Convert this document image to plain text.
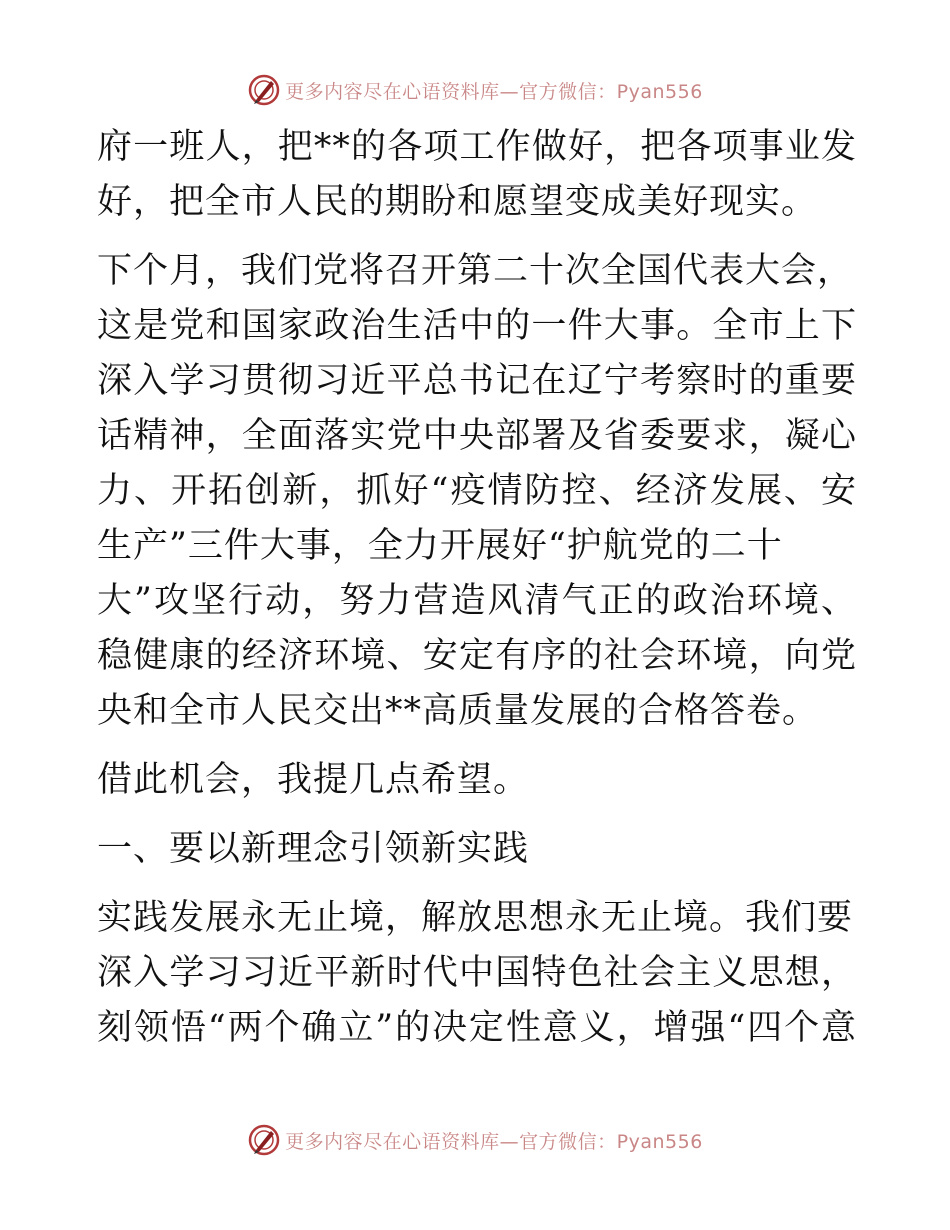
更多内容尽在心语资料库—官方微信：Pyan556
府一班人，把**的各项工作做好，把各项事业发
好，把全市人民的期盼和愿望变成美好现实。
下个月，我们党将召开第二十次全国代表大会，
这是党和国家政治生活中的一件大事。全市上下
深入学习贯彻习近平总书记在辽宁考察时的重要
话精神，全面落实党中央部署及省委要求，凝心
力、开拓创新，抓好“疫情防控、经济发展、安
生产”三件大事，全力开展好“护航党的二十
大”攻坚行动，努力营造风清气正的政治环境、
稳健康的经济环境、安定有序的社会环境，向党
央和全市人民交出**高质量发展的合格答卷。
借此机会，我提几点希望。
一、要以新理念引领新实践
实践发展永无止境，解放思想永无止境。我们要
深入学习习近平新时代中国特色社会主义思想，
刻领悟“两个确立”的决定性意义，增强“四个意
更多内容尽在心语资料库—官方微信：Pyan556
